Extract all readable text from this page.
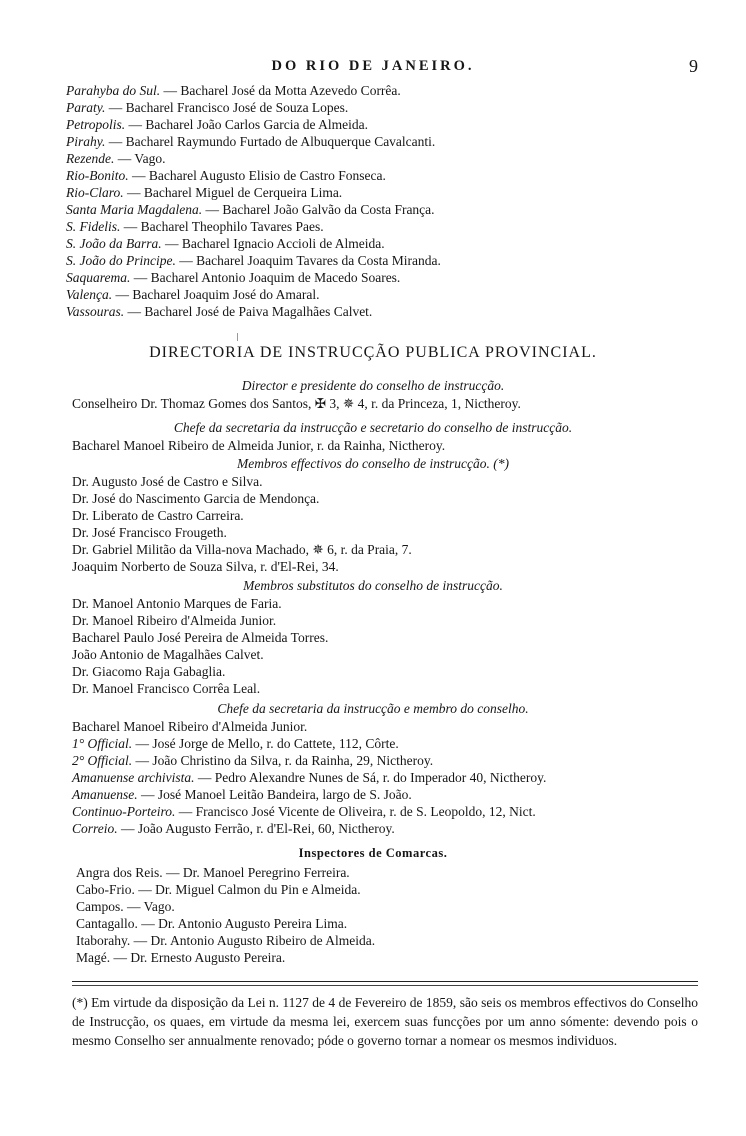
DO RIO DE JANEIRO.	9
Parahyba do Sul. — Bacharel José da Motta Azevedo Corrêa.
Paraty. — Bacharel Francisco José de Souza Lopes.
Petropolis. — Bacharel João Carlos Garcia de Almeida.
Pirahy. — Bacharel Raymundo Furtado de Albuquerque Cavalcanti.
Rezende. — Vago.
Rio-Bonito. — Bacharel Augusto Elisio de Castro Fonseca.
Rio-Claro. — Bacharel Miguel de Cerqueira Lima.
Santa Maria Magdalena. — Bacharel João Galvão da Costa França.
S. Fidelis. — Bacharel Theophilo Tavares Paes.
S. João da Barra. — Bacharel Ignacio Accioli de Almeida.
S. João do Principe. — Bacharel Joaquim Tavares da Costa Miranda.
Saquarema. — Bacharel Antonio Joaquim de Macedo Soares.
Valença. — Bacharel Joaquim José do Amaral.
Vassouras. — Bacharel José de Paiva Magalhães Calvet.
DIRECTORIA DE INSTRUCÇÃO PUBLICA PROVINCIAL.
Director e presidente do conselho de instrucção.
Conselheiro Dr. Thomaz Gomes dos Santos, ✠ 3, ✵ 4, r. da Princeza, 1, Nictheroy.
Chefe da secretaria da instrucção e secretario do conselho de instrucção.
Bacharel Manoel Ribeiro de Almeida Junior, r. da Rainha, Nictheroy.
Membros effectivos do conselho de instrucção. (*)
Dr. Augusto José de Castro e Silva.
Dr. José do Nascimento Garcia de Mendonça.
Dr. Liberato de Castro Carreira.
Dr. José Francisco Frougeth.
Dr. Gabriel Militão da Villa-nova Machado, ✵ 6, r. da Praia, 7.
Joaquim Norberto de Souza Silva, r. d'El-Rei, 34.
Membros substitutos do conselho de instrucção.
Dr. Manoel Antonio Marques de Faria.
Dr. Manoel Ribeiro d'Almeida Junior.
Bacharel Paulo José Pereira de Almeida Torres.
João Antonio de Magalhães Calvet.
Dr. Giacomo Raja Gabaglia.
Dr. Manoel Francisco Corrêa Leal.
Chefe da secretaria da instrucção e membro do conselho.
Bacharel Manoel Ribeiro d'Almeida Junior.
1° Official. — José Jorge de Mello, r. do Cattete, 112, Côrte.
2° Official. — João Christino da Silva, r. da Rainha, 29, Nictheroy.
Amanuense archivista. — Pedro Alexandre Nunes de Sá, r. do Imperador 40, Nictheroy.
Amanuense. — José Manoel Leitão Bandeira, largo de S. João.
Continuo-Porteiro. — Francisco José Vicente de Oliveira, r. de S. Leopoldo, 12, Nict.
Correio. — João Augusto Ferrão, r. d'El-Rei, 60, Nictheroy.
Inspectores de Comarcas.
Angra dos Reis. — Dr. Manoel Peregrino Ferreira.
Cabo-Frio. — Dr. Miguel Calmon du Pin e Almeida.
Campos. — Vago.
Cantagallo. — Dr. Antonio Augusto Pereira Lima.
Itaborahy. — Dr. Antonio Augusto Ribeiro de Almeida.
Magé. — Dr. Ernesto Augusto Pereira.
(*) Em virtude da disposição da Lei n. 1127 de 4 de Fevereiro de 1859, são seis os membros effectivos do Conselho de Instrucção, os quaes, em virtude da mesma lei, exercem suas funcções por um anno sómente: devendo pois o mesmo Conselho ser annualmente renovado; póde o governo tornar a nomear os mesmos individuos.
